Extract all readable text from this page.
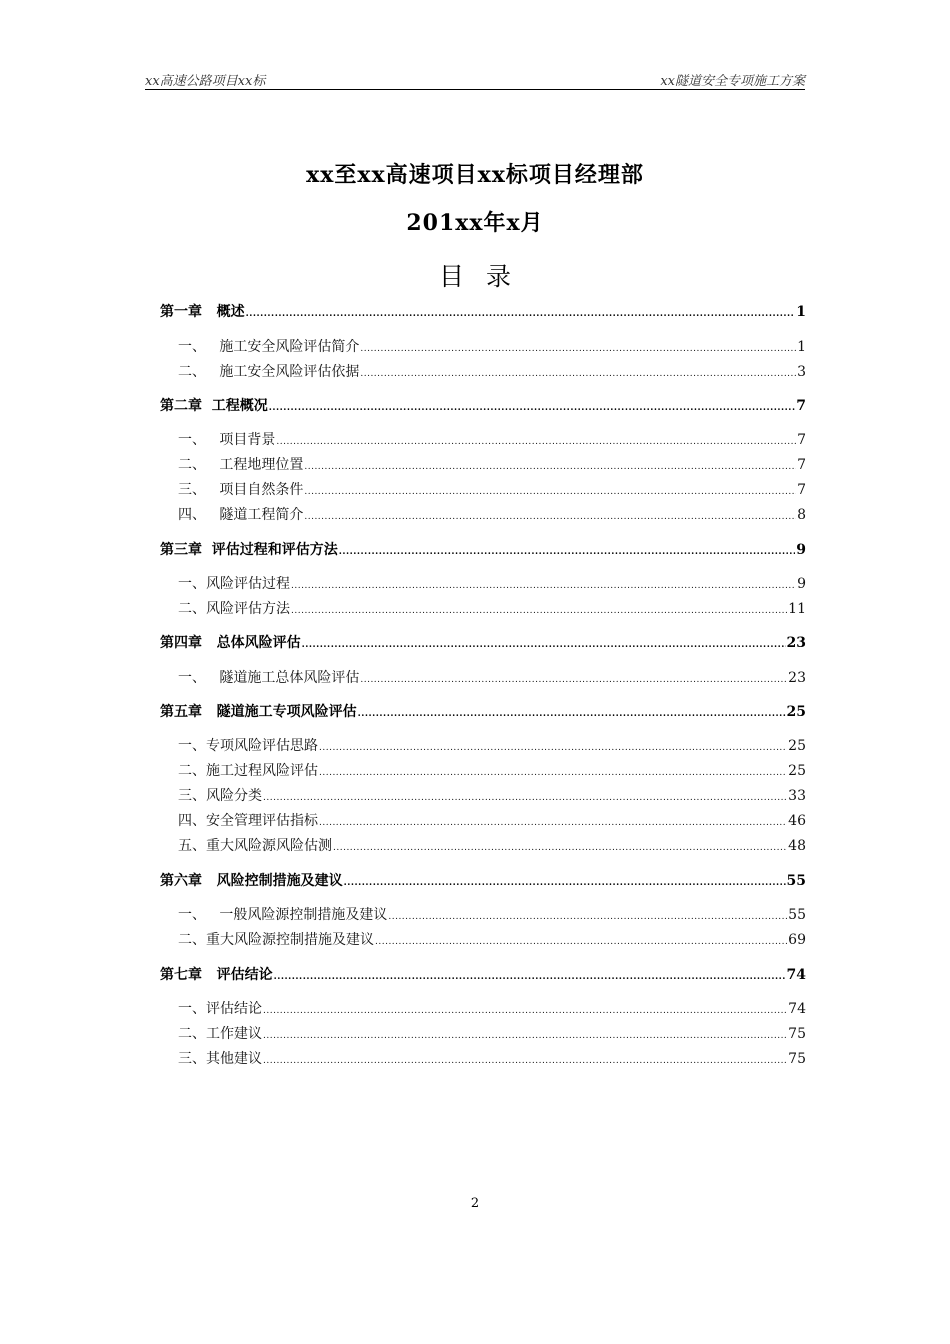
xx高速公路项目xx标	xx隧道安全专项施工方案
xx至xx高速项目xx标项目经理部
201xx年x月
目录
第一章   概述 .....	1
一、   施工安全风险评估简介 .....	1
二、   施工安全风险评估依据 .....	3
第二章  工程概况 .....	7
一、   项目背景 .....	7
二、   工程地理位置 .....	7
三、   项目自然条件 .....	7
四、   隧道工程简介 .....	8
第三章  评估过程和评估方法 .....	9
一、风险评估过程 .....	9
二、风险评估方法 .....	11
第四章   总体风险评估 .....	23
一、   隧道施工总体风险评估 .....	23
第五章   隧道施工专项风险评估 .....	25
一、专项风险评估思路 .....	25
二、施工过程风险评估 .....	25
三、风险分类 .....	33
四、安全管理评估指标 .....	46
五、重大风险源风险估测 .....	48
第六章   风险控制措施及建议 .....	55
一、   一般风险源控制措施及建议 .....	55
二、重大风险源控制措施及建议 .....	69
第七章   评估结论 .....	74
一、评估结论 .....	74
二、工作建议 .....	75
三、其他建议 .....	75
2
